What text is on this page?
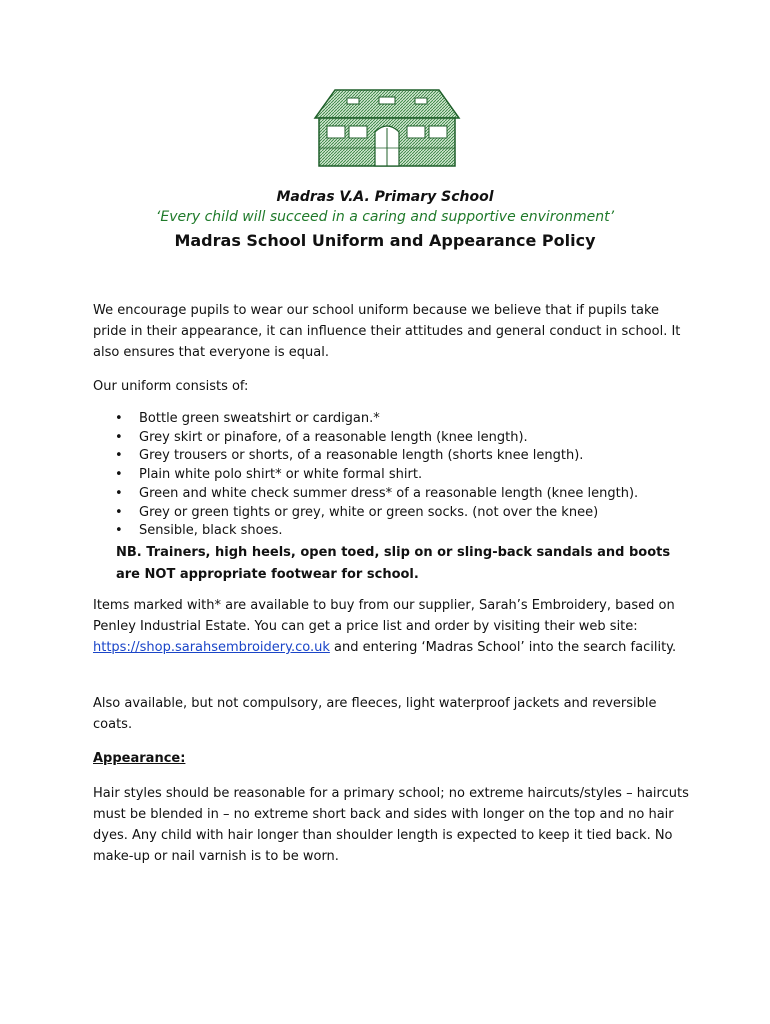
Madras V.A. Primary School

‘Every child will succeed in a caring and supportive environment’

Madras School Uniform and Appearance Policy

We encourage pupils to wear our school uniform because we believe that if pupils take pride in their appearance, it can influence their attitudes and general conduct in school. It also ensures that everyone is equal.

Our uniform consists of:

• Bottle green sweatshirt or cardigan.*
• Grey skirt or pinafore, of a reasonable length (knee length).
• Grey trousers or shorts, of a reasonable length (shorts knee length).
• Plain white polo shirt* or white formal shirt.
• Green and white check summer dress* of a reasonable length (knee length).
• Grey or green tights or grey, white or green socks. (not over the knee)
• Sensible, black shoes.

NB. Trainers, high heels, open toed, slip on or sling-back sandals and boots are NOT appropriate footwear for school.

Items marked with* are available to buy from our supplier, Sarah’s Embroidery, based on Penley Industrial Estate. You can get a price list and order by visiting their web site: https://shop.sarahsembroidery.co.uk and entering ‘Madras School’ into the search facility.

Also available, but not compulsory, are fleeces, light waterproof jackets and reversible coats.

Appearance:

Hair styles should be reasonable for a primary school; no extreme haircuts/styles – haircuts must be blended in – no extreme short back and sides with longer on the top and no hair dyes. Any child with hair longer than shoulder length is expected to keep it tied back. No make-up or nail varnish is to be worn.
